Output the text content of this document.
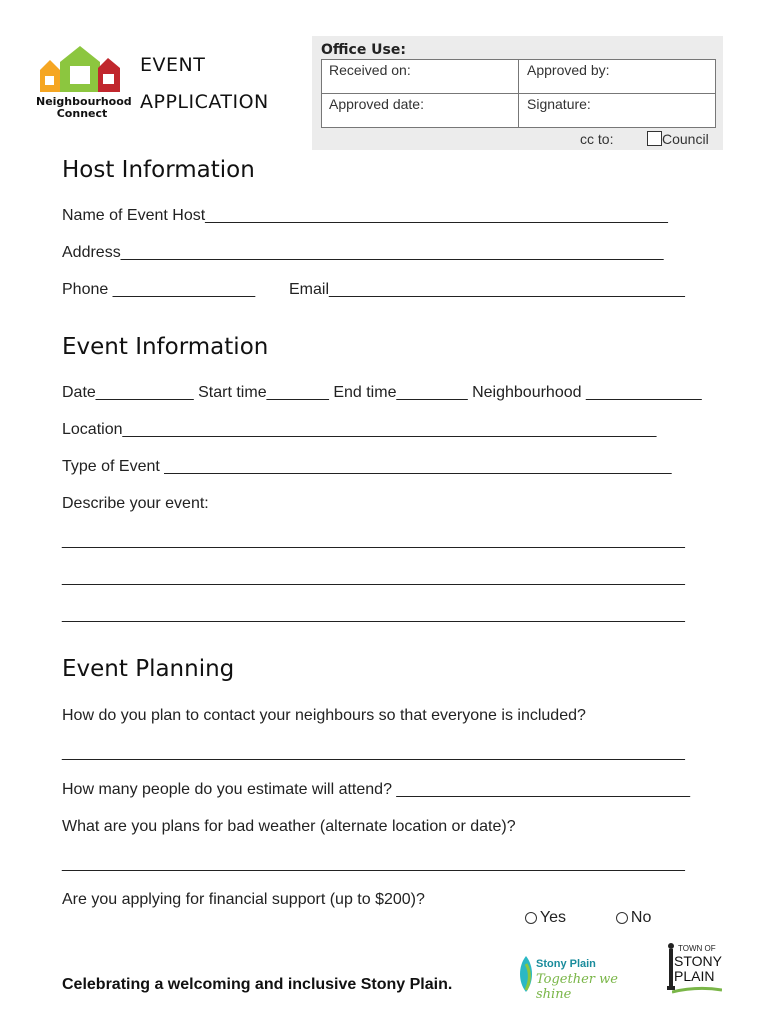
Neighbourhood
Connect
EVENT
APPLICATION
Office Use:
Received on:	Approved by:
Approved date:	Signature:
cc to:	Council
Host Information
Name of Event Host____________________________________________________
Address_____________________________________________________________
Phone ________________ Email________________________________________
Event Information
Date___________ Start time_______ End time________ Neighbourhood _____________
Location____________________________________________________________
Type of Event _________________________________________________________
Describe your event:
______________________________________________________________________
______________________________________________________________________
______________________________________________________________________
Event Planning
How do you plan to contact your neighbours so that everyone is included?
______________________________________________________________________
How many people do you estimate will attend? _________________________________
What are you plans for bad weather (alternate location or date)?
______________________________________________________________________
Are you applying for financial support (up to $200)?

Yes	No

Celebrating a welcoming and inclusive Stony Plain.
Stony Plain
Together we shine
TOWN OF
STONY
PLAIN
